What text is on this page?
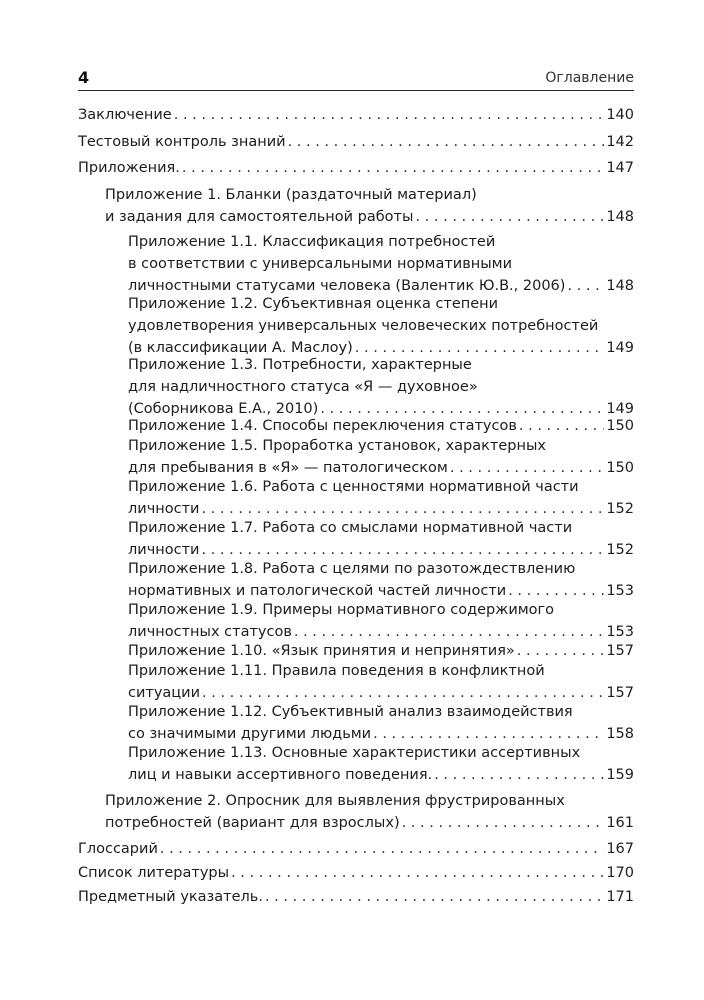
4	Оглавление
Заключение . . .	140
Тестовый контроль знаний . . .	142
Приложения. . . .	147
Приложение 1. Бланки (раздаточный материал)
и задания для самостоятельной работы . . .	148
Приложение 1.1. Классификация потребностей
в соответствии с универсальными нормативными
личностными статусами человека (Валентик Ю.В., 2006) . . .	148
Приложение 1.2. Субъективная оценка степени
удовлетворения универсальных человеческих потребностей
(в классификации А. Маслоу) . . .	149
Приложение 1.3. Потребности, характерные
для надличностного статуса «Я — духовное»
(Соборникова Е.А., 2010) . . .	149
Приложение 1.4. Способы переключения статусов . . .	150
Приложение 1.5. Проработка установок, характерных
для пребывания в «Я» — патологическом . . .	150
Приложение 1.6. Работа с ценностями нормативной части
личности . . .	152
Приложение 1.7. Работа со смыслами нормативной части
личности . . .	152
Приложение 1.8. Работа с целями по разотождествлению
нормативных и патологической частей личности . . .	153
Приложение 1.9. Примеры нормативного содержимого
личностных статусов . . .	153
Приложение 1.10. «Язык принятия и непринятия» . . .	157
Приложение 1.11. Правила поведения в конфликтной
ситуации . . .	157
Приложение 1.12. Субъективный анализ взаимодействия
со значимыми другими людьми . . .	158
Приложение 1.13. Основные характеристики ассертивных
лиц и навыки ассертивного поведения. . . .	159
Приложение 2. Опросник для выявления фрустрированных
потребностей (вариант для взрослых) . . .	161
Глоссарий . . .	167
Список литературы . . .	170
Предметный указатель. . . .	171
